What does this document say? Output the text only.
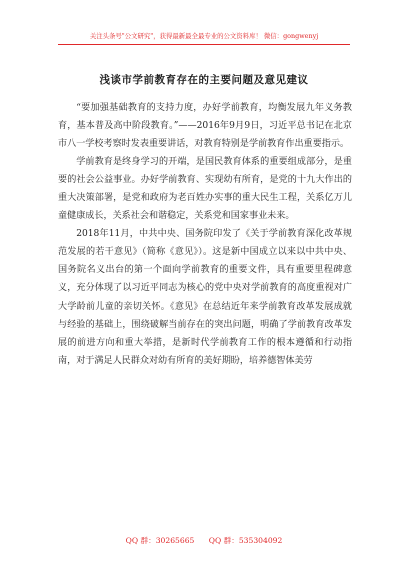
关注头条号"公文研究"，获得最新最全最专业的公文资料库！ 微信：gongwenyj
浅谈市学前教育存在的主要问题及意见建议

“要加强基础教育的支持力度，办好学前教育，均衡发展九年义务教育，基本普及高中阶段教育。”——2016年9月9日，习近平总书记在北京市八一学校考察时发表重要讲话，对教育特别是学前教育作出重要指示。

学前教育是终身学习的开端，是国民教育体系的重要组成部分，是重要的社会公益事业。办好学前教育、实现幼有所育，是党的十九大作出的重大决策部署，是党和政府为老百姓办实事的重大民生工程，关系亿万儿童健康成长，关系社会和谐稳定，关系党和国家事业未来。

2018年11月，中共中央、国务院印发了《关于学前教育深化改革规范发展的若干意见》（简称《意见》）。这是新中国成立以来以中共中央、国务院名义出台的第一个面向学前教育的重要文件，具有重要里程碑意义，充分体现了以习近平同志为核心的党中央对学前教育的高度重视对广大学龄前儿童的亲切关怀。《意见》在总结近年来学前教育改革发展成就与经验的基础上，围绕破解当前存在的突出问题，明确了学前教育改革发展的前进方向和重大举措，是新时代学前教育工作的根本遵循和行动指南，对于满足人民群众对幼有所育的美好期盼，培养德智体美劳

QQ 群：30265665 QQ 群：535304092
